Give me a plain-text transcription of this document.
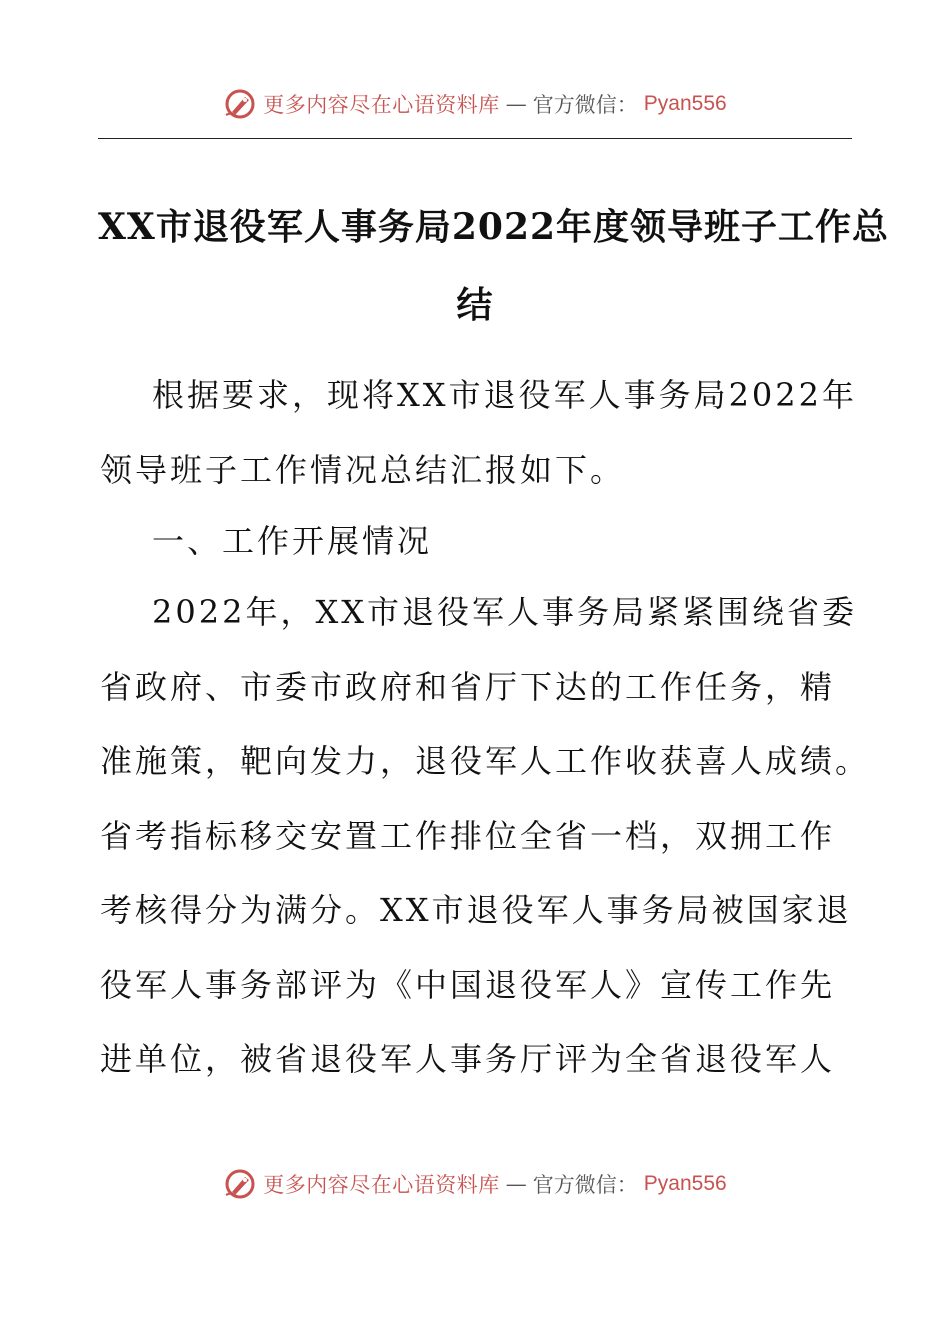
更多内容尽在心语资料库 — 官方微信： Pyan556
XX市退役军人事务局2022年度领导班子工作总
结
根据要求，现将XX市退役军人事务局2022年
领导班子工作情况总结汇报如下。
一、工作开展情况
2022年，XX市退役军人事务局紧紧围绕省委
省政府、市委市政府和省厅下达的工作任务，精
准施策，靶向发力，退役军人工作收获喜人成绩。
省考指标移交安置工作排位全省一档，双拥工作
考核得分为满分。XX市退役军人事务局被国家退
役军人事务部评为《中国退役军人》宣传工作先
进单位，被省退役军人事务厅评为全省退役军人
更多内容尽在心语资料库 — 官方微信： Pyan556
